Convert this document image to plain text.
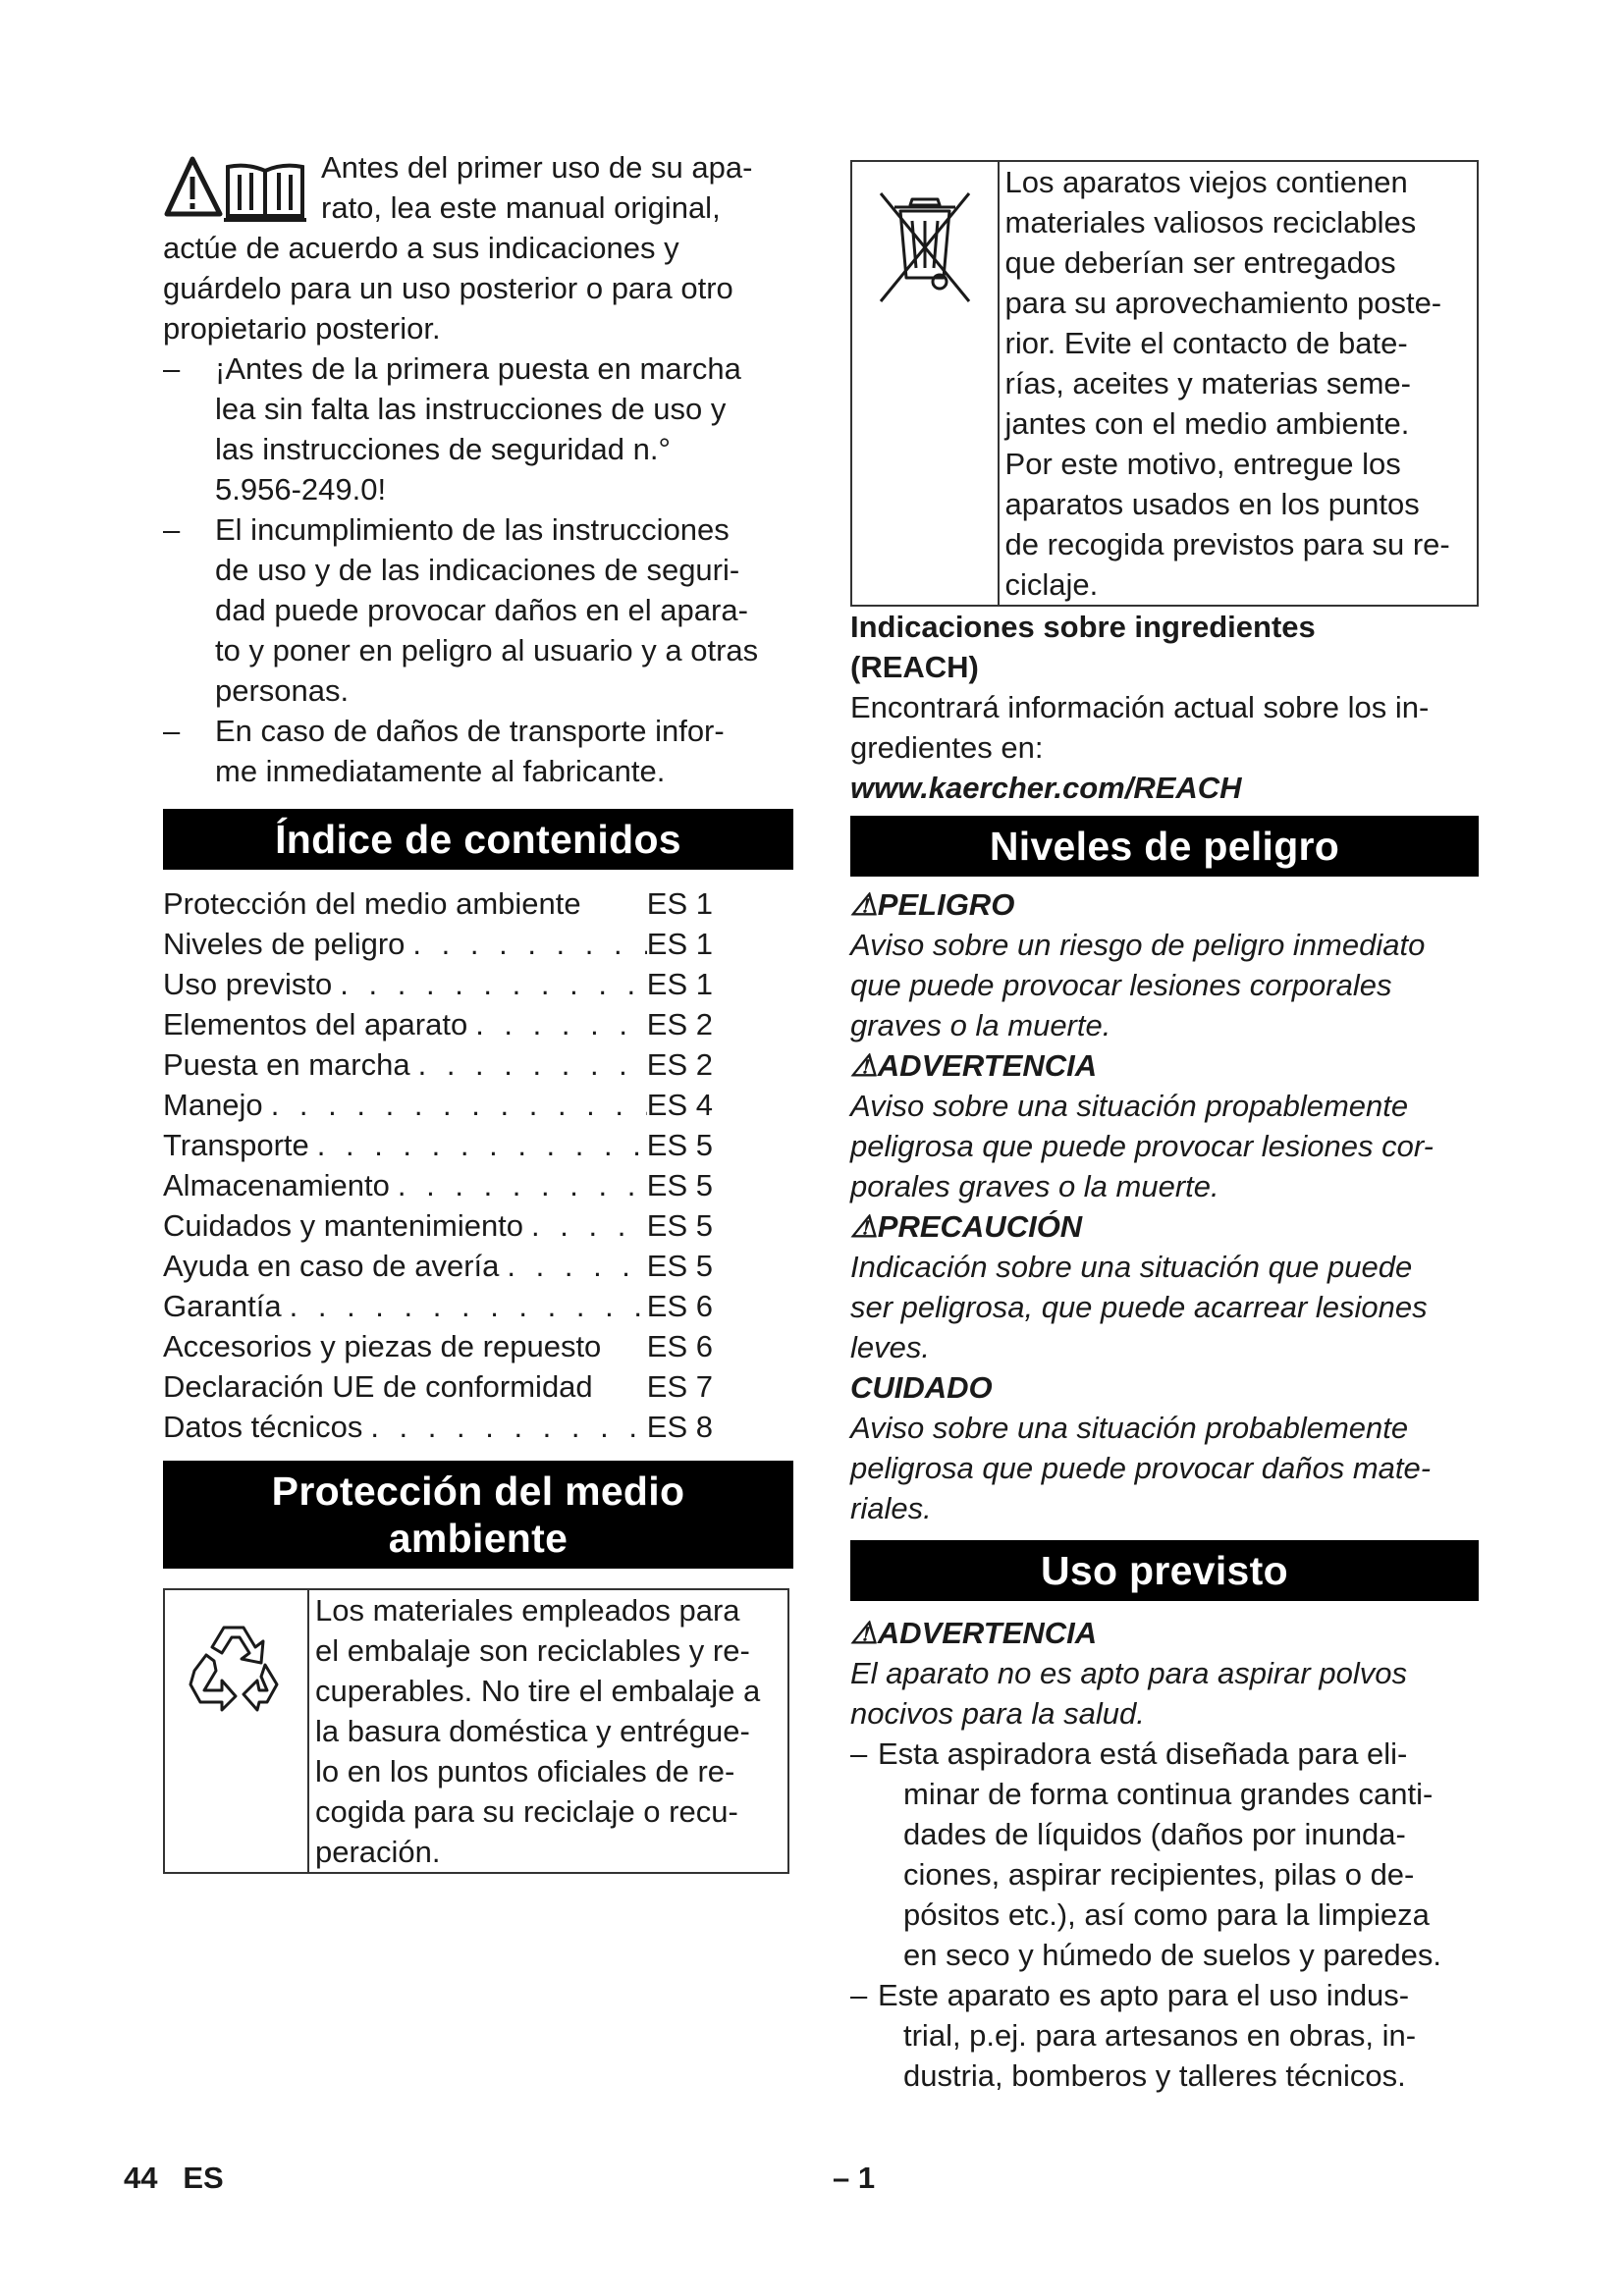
Antes del primer uso de su apa-

rato, lea este manual original,

actúe de acuerdo a sus indicaciones y

guárdelo para un uso posterior o para otro

propietario posterior.

– ¡Antes de la primera puesta en marcha

lea sin falta las instrucciones de uso y

las instrucciones de seguridad n.°

5.956-249.0!

– El incumplimiento de las instrucciones

de uso y de las indicaciones de seguri-

dad puede provocar daños en el apara-

to y poner en peligro al usuario y a otras

personas.

– En caso de daños de transporte infor-

me inmediatamente al fabricante.

Índice de contenidos
Protección del medio ambiente ES 1
Niveles de peligro . . .	ES 1
Uso previsto . . .	ES 1
Elementos del aparato . . .	ES 2
Puesta en marcha . . .	ES 2
Manejo . . .	ES 4
Transporte . . .	ES 5
Almacenamiento . . .	ES 5
Cuidados y mantenimiento . . .	ES 5
Ayuda en caso de avería . . .	ES 5
Garantía . . .	ES 6
Accesorios y piezas de repuesto ES 6
Declaración UE de conformidad ES 7
Datos técnicos . . .	ES 8
Protección del medio
ambiente

Los materiales empleados para

el embalaje son reciclables y re-

cuperables. No tire el embalaje a

la basura doméstica y entrégue-

lo en los puntos oficiales de re-

cogida para su reciclaje o recu-

peración.

Los aparatos viejos contienen

materiales valiosos reciclables

que deberían ser entregados

para su aprovechamiento poste-

rior. Evite el contacto de bate-

rías, aceites y materias seme-

jantes con el medio ambiente.

Por este motivo, entregue los

aparatos usados en los puntos

de recogida previstos para su re-

ciclaje.

Indicaciones sobre ingredientes

(REACH)

Encontrará información actual sobre los in-

gredientes en:

www.kaercher.com/REACH

Niveles de peligro

⚠PELIGRO

Aviso sobre un riesgo de peligro inmediato

que puede provocar lesiones corporales

graves o la muerte.

⚠ADVERTENCIA

Aviso sobre una situación propablemente

peligrosa que puede provocar lesiones cor-

porales graves o la muerte.

⚠PRECAUCIÓN

Indicación sobre una situación que puede

ser peligrosa, que puede acarrear lesiones

leves.

CUIDADO

Aviso sobre una situación probablemente

peligrosa que puede provocar daños mate-

riales.

Uso previsto

⚠ADVERTENCIA

El aparato no es apto para aspirar polvos

nocivos para la salud.

– Esta aspiradora está diseñada para eli-

minar de forma continua grandes canti-

dades de líquidos (daños por inunda-

ciones, aspirar recipientes, pilas o de-

pósitos etc.), así como para la limpieza

en seco y húmedo de suelos y paredes.

– Este aparato es apto para el uso indus-

trial, p.ej. para artesanos en obras, in-

dustria, bomberos y talleres técnicos.

44   ES	– 1
